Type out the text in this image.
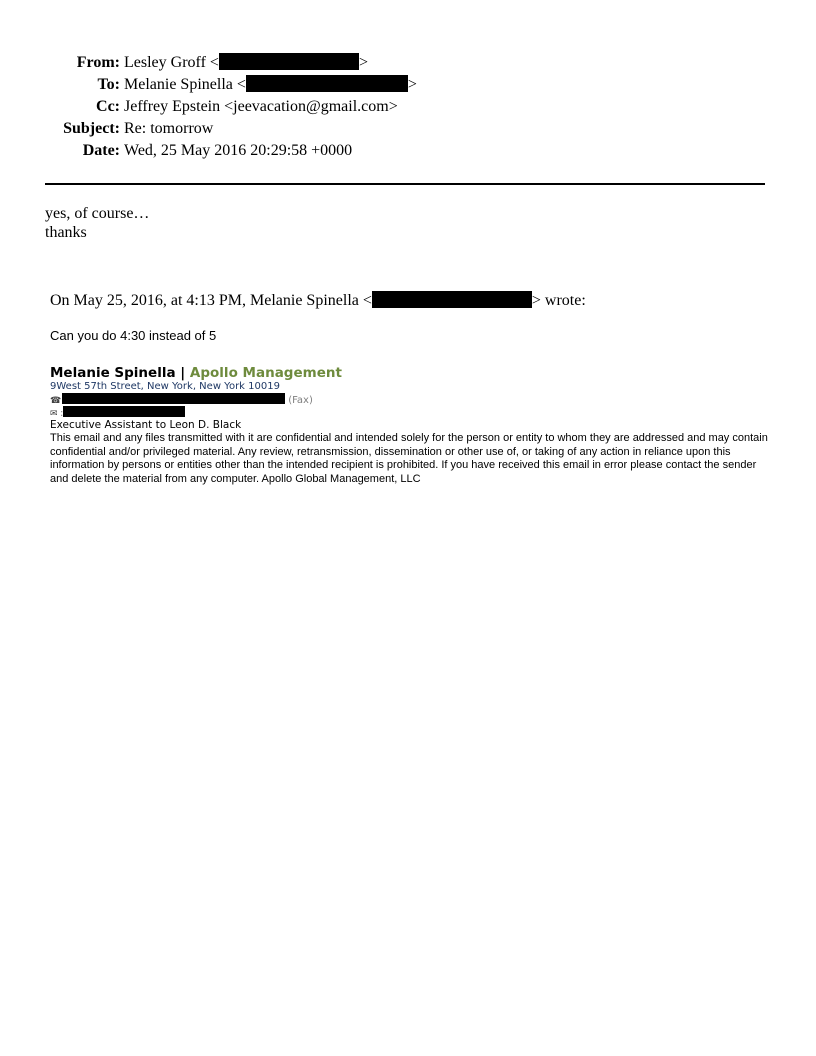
From: Lesley Groff <	>
To: Melanie Spinella <	>
Cc: Jeffrey Epstein <jeevacation@gmail.com>
Subject: Re: tomorrow
Date: Wed, 25 May 2016 20:29:58 +0000
yes, of course…
thanks
On May 25, 2016, at 4:13 PM, Melanie Spinella <	> wrote:
Can you do 4:30 instead of 5
Melanie Spinella | Apollo Management
9West 57th Street, New York, New York 10019
☎	(Fax)
✉ :
Executive Assistant to Leon D. Black
This email and any files transmitted with it are confidential and intended solely for the person or entity to whom they are addressed and may contain confidential and/or privileged material. Any review, retransmission, dissemination or other use of, or taking of any action in reliance upon this information by persons or entities other than the intended recipient is prohibited. If you have received this email in error please contact the sender and delete the material from any computer. Apollo Global Management, LLC
